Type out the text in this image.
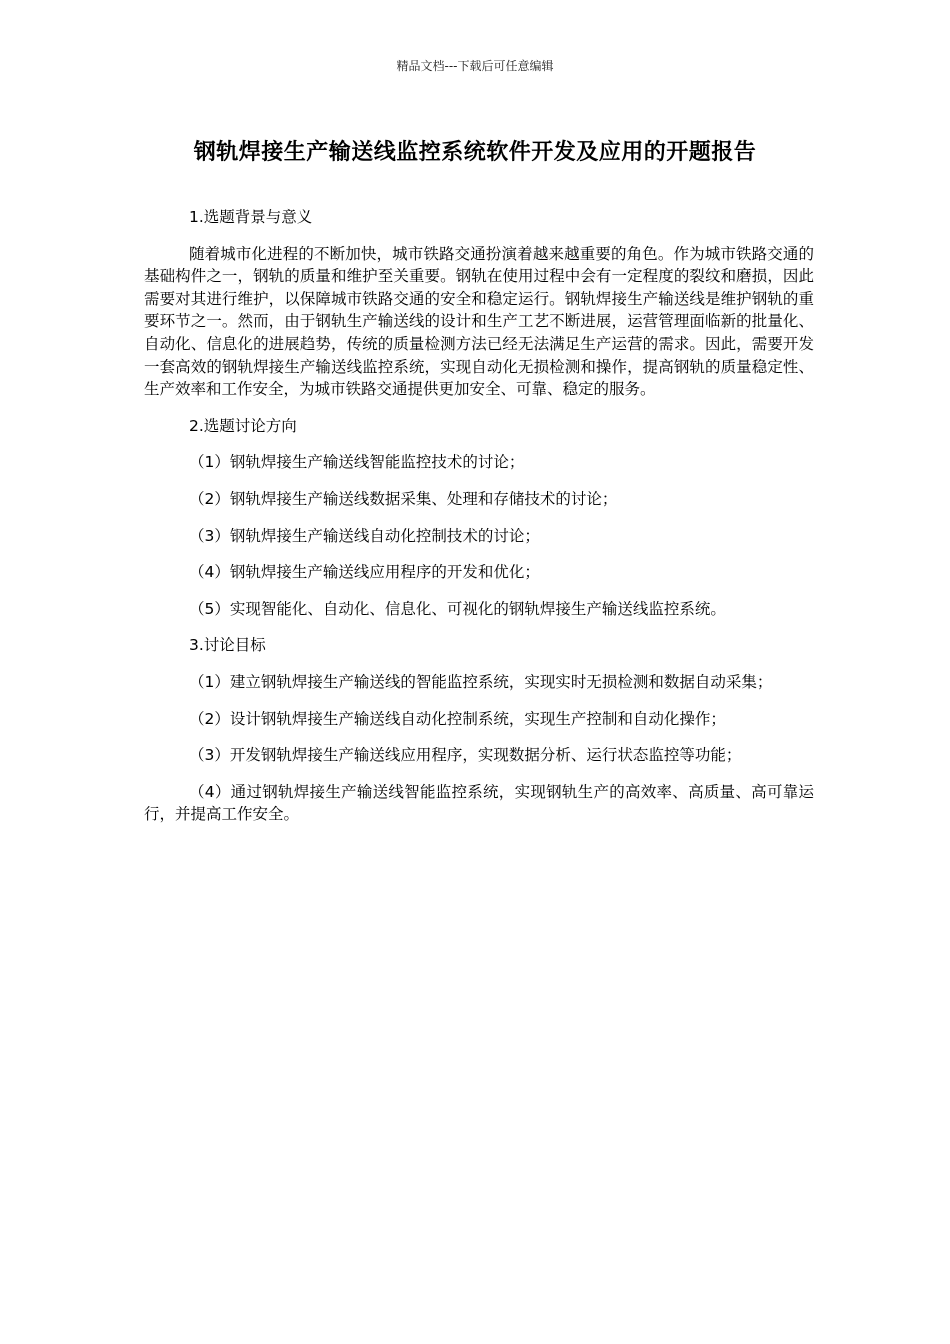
精品文档---下载后可任意编辑
钢轨焊接生产输送线监控系统软件开发及应用的开题报告

1.选题背景与意义

随着城市化进程的不断加快，城市铁路交通扮演着越来越重要的角色。作为城市铁路交通的基础构件之一，钢轨的质量和维护至关重要。钢轨在使用过程中会有一定程度的裂纹和磨损，因此需要对其进行维护，以保障城市铁路交通的安全和稳定运行。钢轨焊接生产输送线是维护钢轨的重要环节之一。然而，由于钢轨生产输送线的设计和生产工艺不断进展，运营管理面临新的批量化、自动化、信息化的进展趋势，传统的质量检测方法已经无法满足生产运营的需求。因此，需要开发一套高效的钢轨焊接生产输送线监控系统，实现自动化无损检测和操作，提高钢轨的质量稳定性、生产效率和工作安全，为城市铁路交通提供更加安全、可靠、稳定的服务。

2.选题讨论方向

（1）钢轨焊接生产输送线智能监控技术的讨论；

（2）钢轨焊接生产输送线数据采集、处理和存储技术的讨论；

（3）钢轨焊接生产输送线自动化控制技术的讨论；

（4）钢轨焊接生产输送线应用程序的开发和优化；

（5）实现智能化、自动化、信息化、可视化的钢轨焊接生产输送线监控系统。

3.讨论目标

（1）建立钢轨焊接生产输送线的智能监控系统，实现实时无损检测和数据自动采集；

（2）设计钢轨焊接生产输送线自动化控制系统，实现生产控制和自动化操作；

（3）开发钢轨焊接生产输送线应用程序，实现数据分析、运行状态监控等功能；

（4）通过钢轨焊接生产输送线智能监控系统，实现钢轨生产的高效率、高质量、高可靠运行，并提高工作安全。
